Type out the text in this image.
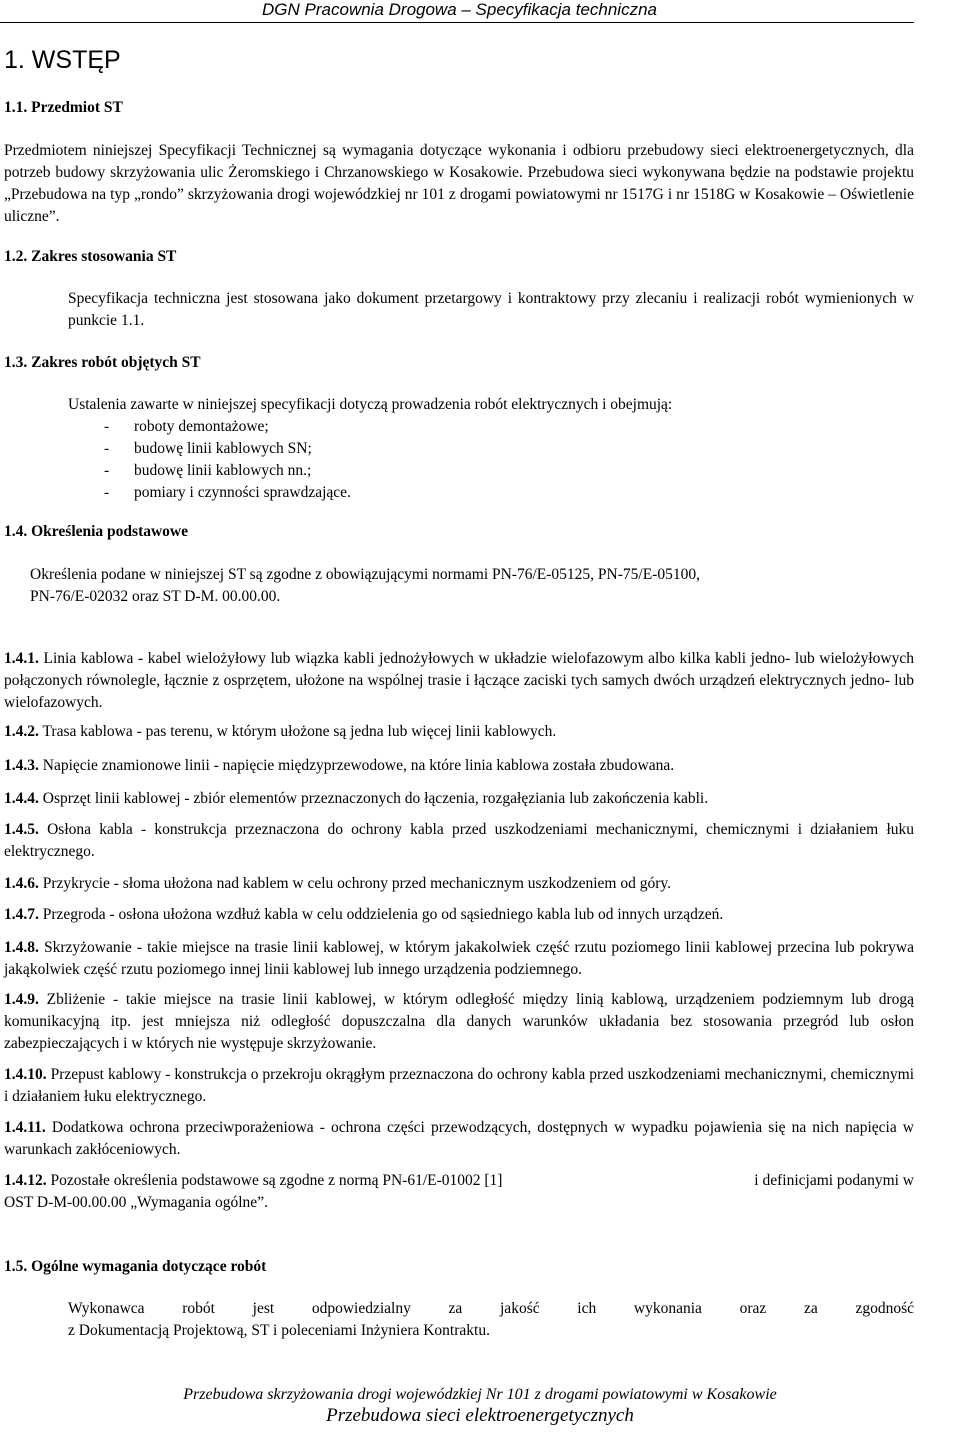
DGN Pracownia Drogowa – Specyfikacja techniczna
1. WSTĘP
1.1. Przedmiot ST
Przedmiotem niniejszej Specyfikacji Technicznej są wymagania dotyczące wykonania i odbioru przebudowy sieci elektroenergetycznych, dla potrzeb budowy skrzyżowania ulic Żeromskiego i Chrzanowskiego w Kosakowie. Przebudowa sieci wykonywana będzie na podstawie projektu „Przebudowa na typ „rondo” skrzyżowania drogi wojewódzkiej nr 101 z drogami powiatowymi nr 1517G i nr 1518G w Kosakowie – Oświetlenie uliczne”.
1.2. Zakres stosowania ST
Specyfikacja techniczna jest stosowana jako dokument przetargowy i kontraktowy przy zlecaniu i realizacji robót wymienionych w punkcie 1.1.
1.3. Zakres robót objętych ST
Ustalenia zawarte w niniejszej specyfikacji dotyczą prowadzenia robót elektrycznych i obejmują:
- roboty demontażowe;
- budowę linii kablowych SN;
- budowę linii kablowych nn.;
- pomiary i czynności sprawdzające.
1.4. Określenia podstawowe
Określenia podane w niniejszej ST są zgodne z obowiązującymi normami PN-76/E-05125, PN-75/E-05100, PN-76/E-02032 oraz ST D-M. 00.00.00.
1.4.1. Linia kablowa - kabel wielożyłowy lub wiązka kabli jednożyłowych w układzie wielofazowym albo kilka kabli jedno- lub wielożyłowych połączonych równolegle, łącznie z osprzętem, ułożone na wspólnej trasie i łączące zaciski tych samych dwóch urządzeń elektrycznych jedno- lub wielofazowych.
1.4.2. Trasa kablowa - pas terenu, w którym ułożone są jedna lub więcej linii kablowych.
1.4.3. Napięcie znamionowe linii - napięcie międzyprzewodowe, na które linia kablowa została zbudowana.
1.4.4. Osprzęt linii kablowej - zbiór elementów przeznaczonych do łączenia, rozgałęziania lub zakończenia kabli.
1.4.5. Osłona kabla - konstrukcja przeznaczona do ochrony kabla przed uszkodzeniami mechanicznymi, chemicznymi i działaniem łuku elektrycznego.
1.4.6. Przykrycie - słoma ułożona nad kablem w celu ochrony przed mechanicznym uszkodzeniem od góry.
1.4.7. Przegroda - osłona ułożona wzdłuż kabla w celu oddzielenia go od sąsiedniego kabla lub od innych urządzeń.
1.4.8. Skrzyżowanie - takie miejsce na trasie linii kablowej, w którym jakakolwiek część rzutu poziomego linii kablowej przecina lub pokrywa jakąkolwiek część rzutu poziomego innej linii kablowej lub innego urządzenia podziemnego.
1.4.9. Zbliżenie - takie miejsce na trasie linii kablowej, w którym odległość między linią kablową, urządzeniem podziemnym lub drogą komunikacyjną itp. jest mniejsza niż odległość dopuszczalna dla danych warunków układania bez stosowania przegród lub osłon zabezpieczających i w których nie występuje skrzyżowanie.
1.4.10. Przepust kablowy - konstrukcja o przekroju okrągłym przeznaczona do ochrony kabla przed uszkodzeniami mechanicznymi, chemicznymi i działaniem łuku elektrycznego.
1.4.11. Dodatkowa ochrona przeciwporażeniowa - ochrona części przewodzących, dostępnych w wypadku pojawienia się na nich napięcia w warunkach zakłóceniowych.
1.4.12. Pozostałe określenia podstawowe są zgodne z normą PN-61/E-01002 [1]	i definicjami podanymi w
OST D-M-00.00.00 „Wymagania ogólne”.
1.5. Ogólne wymagania dotyczące robót
Wykonawca robót jest odpowiedzialny za jakość ich wykonania oraz za zgodność
z Dokumentacją Projektową, ST i poleceniami Inżyniera Kontraktu.
Przebudowa skrzyżowania drogi wojewódzkiej Nr 101 z drogami powiatowymi w Kosakowie
Przebudowa sieci elektroenergetycznych
